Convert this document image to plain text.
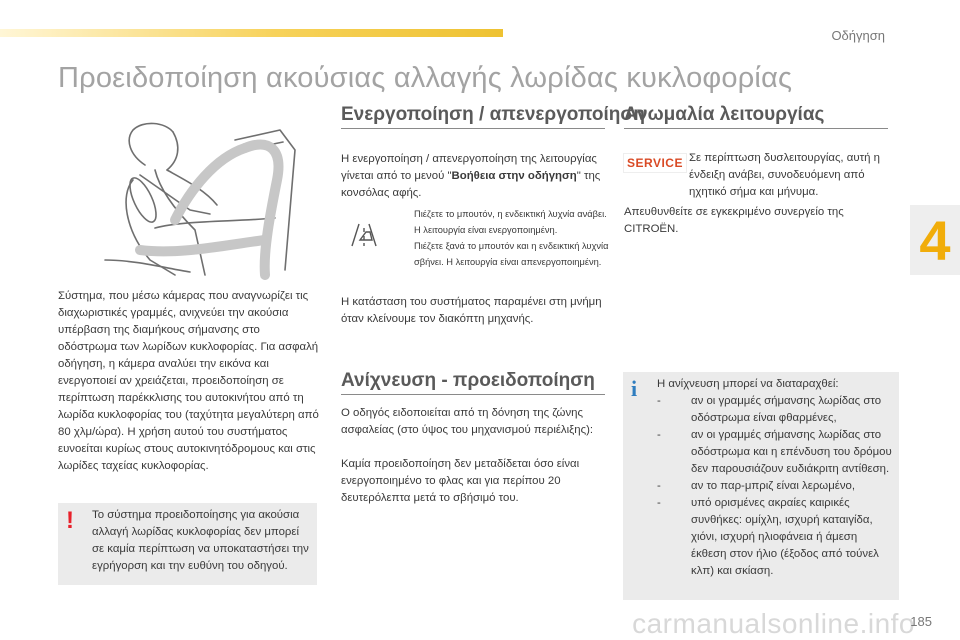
Οδήγηση
4
Προειδοποίηση ακούσιας αλλαγής λωρίδας κυκλοφορίας

Σύστημα, που μέσω κάμερας που αναγνωρίζει τις διαχωριστικές γραμμές, ανιχνεύει την ακούσια υπέρβαση της διαμήκους σήμανσης στο οδόστρωμα των λωρίδων κυκλοφορίας. Για ασφαλή οδήγηση, η κάμερα αναλύει την εικόνα και ενεργοποιεί αν χρειάζεται, προειδοποίηση σε περίπτωση παρέκκλισης του αυτοκινήτου από τη λωρίδα κυκλοφορίας του (ταχύτητα μεγαλύτερη από 80 χλμ/ώρα). Η χρήση αυτού του συστήματος ευνοείται κυρίως στους αυτοκινητόδρομους και στις λωρίδες ταχείας κυκλοφορίας.

! Το σύστημα προειδοποίησης για ακούσια αλλαγή λωρίδας κυκλοφορίας δεν μπορεί σε καμία περίπτωση να υποκαταστήσει την εγρήγορση και την ευθύνη του οδηγού.

Ενεργοποίηση / απενεργοποίηση

Η ενεργοποίηση / απενεργοποίηση της λειτουργίας γίνεται από το μενού "Βοήθεια στην οδήγηση" της κονσόλας αφής.

Πιέζετε το μπουτόν, η ενδεικτική λυχνία ανάβει. Η λειτουργία είναι ενεργοποιημένη.
Πιέζετε ξανά το μπουτόν και η ενδεικτική λυχνία σβήνει. Η λειτουργία είναι απενεργοποιημένη.

Η κατάσταση του συστήματος παραμένει στη μνήμη όταν κλείνουμε τον διακόπτη μηχανής.

Ανίχνευση - προειδοποίηση

Ο οδηγός ειδοποιείται από τη δόνηση της ζώνης ασφαλείας (στο ύψος του μηχανισμού περιέλιξης):

Καμία προειδοποίηση δεν μεταδίδεται όσο είναι ενεργοποιημένο το φλας και για περίπου 20 δευτερόλεπτα μετά το σβήσιμό του.

Ανωμαλία λειτουργίας
SERVICE Σε περίπτωση δυσλειτουργίας, αυτή η ένδειξη ανάβει, συνοδευόμενη από ηχητικό σήμα και μήνυμα.

Απευθυνθείτε σε εγκεκριμένο συνεργείο της CITROËN.

i Η ανίχνευση μπορεί να διαταραχθεί:

-	αν οι γραμμές σήμανσης λωρίδας στο οδόστρωμα είναι φθαρμένες,
-	αν οι γραμμές σήμανσης λωρίδας στο οδόστρωμα και η επένδυση του δρόμου δεν παρουσιάζουν ευδιάκριτη αντίθεση.
-	αν το παρ-μπριζ είναι λερωμένο,
-	υπό ορισμένες ακραίες καιρικές συνθήκες: ομίχλη, ισχυρή καταιγίδα, χιόνι, ισχυρή ηλιοφάνεια ή άμεση έκθεση στον ήλιο (έξοδος από τούνελ κλπ) και σκίαση.
carmanualsonline.info
185
